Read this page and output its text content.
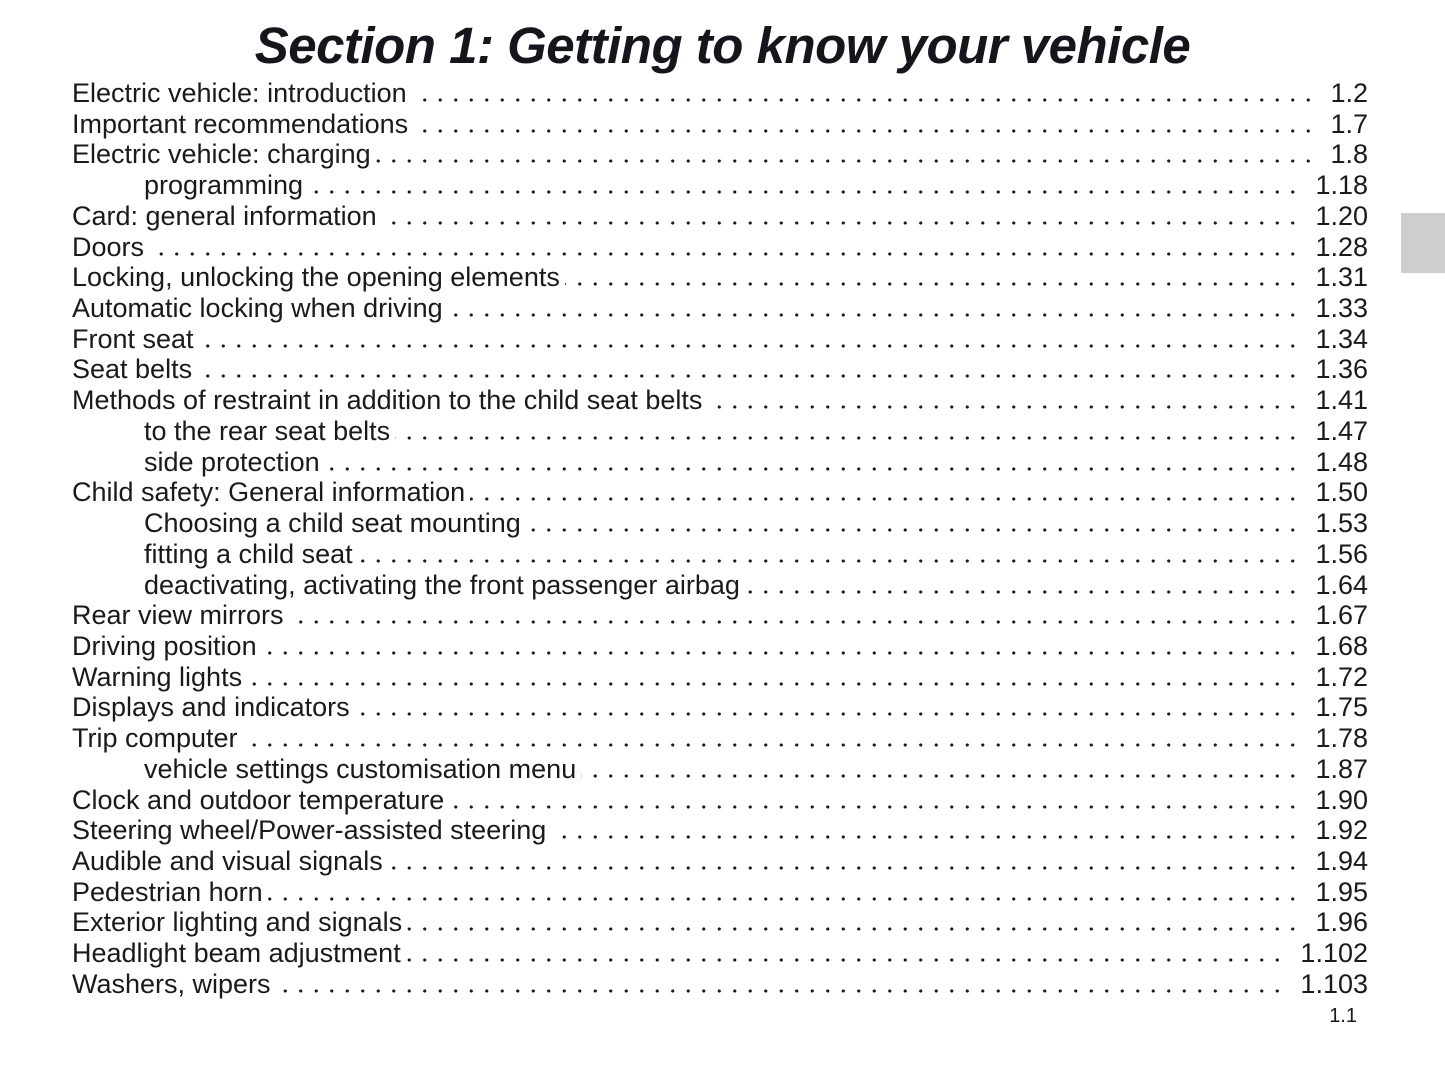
Section 1: Getting to know your vehicle
Electric vehicle: introduction	1.2
Important recommendations	1.7
Electric vehicle: charging	1.8
programming	1.18
Card: general information	1.20
Doors	1.28
Locking, unlocking the opening elements	1.31
Automatic locking when driving	1.33
Front seat	1.34
Seat belts	1.36
Methods of restraint in addition to the child seat belts	1.41
to the rear seat belts	1.47
side protection	1.48
Child safety: General information	1.50
Choosing a child seat mounting	1.53
fitting a child seat	1.56
deactivating, activating the front passenger airbag	1.64
Rear view mirrors	1.67
Driving position	1.68
Warning lights	1.72
Displays and indicators	1.75
Trip computer	1.78
vehicle settings customisation menu	1.87
Clock and outdoor temperature	1.90
Steering wheel/Power-assisted steering	1.92
Audible and visual signals	1.94
Pedestrian horn	1.95
Exterior lighting and signals	1.96
Headlight beam adjustment	1.102
Washers, wipers	1.103
1.1
